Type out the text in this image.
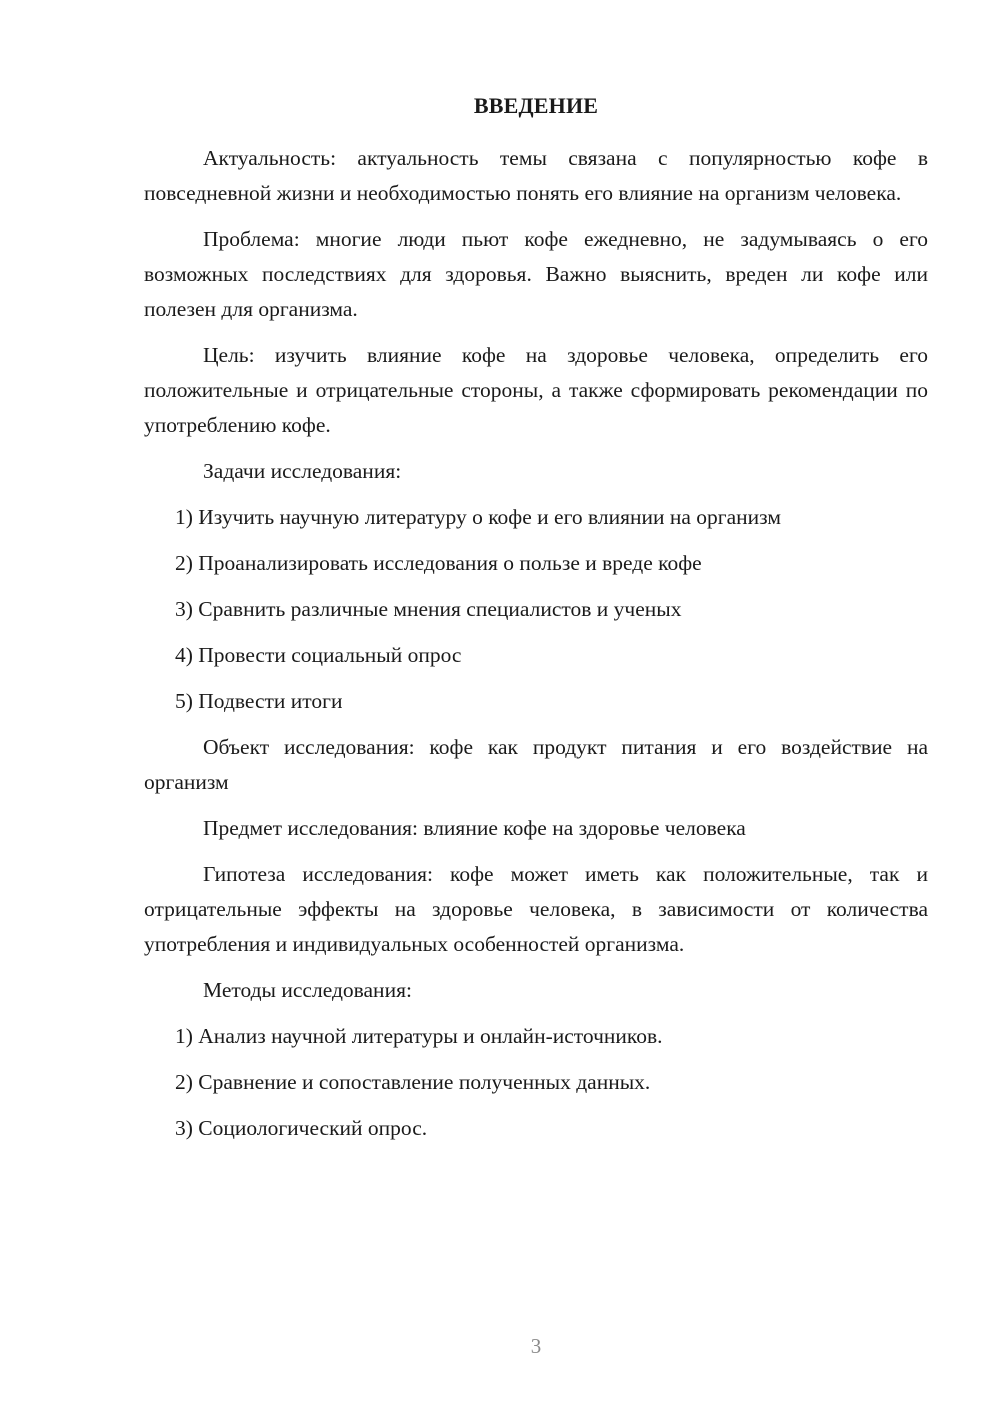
ВВЕДЕНИЕ

Актуальность: актуальность темы связана с популярностью кофе в повседневной жизни и необходимостью понять его влияние на организм человека.

Проблема: многие люди пьют кофе ежедневно, не задумываясь о его возможных последствиях для здоровья. Важно выяснить, вреден ли кофе или полезен для организма.

Цель: изучить влияние кофе на здоровье человека, определить его положительные и отрицательные стороны, а также сформировать рекомендации по употреблению кофе.

Задачи исследования:

1) Изучить научную литературу о кофе и его влиянии на организм

2) Проанализировать исследования о пользе и вреде кофе

3) Сравнить различные мнения специалистов и ученых

4) Провести социальный опрос

5) Подвести итоги

Объект исследования: кофе как продукт питания и его воздействие на организм

Предмет исследования: влияние кофе на здоровье человека

Гипотеза исследования: кофе может иметь как положительные, так и отрицательные эффекты на здоровье человека, в зависимости от количества употребления и индивидуальных особенностей организма.

Методы исследования:

1) Анализ научной литературы и онлайн-источников.

2) Сравнение и сопоставление полученных данных.

3) Социологический опрос.

3
